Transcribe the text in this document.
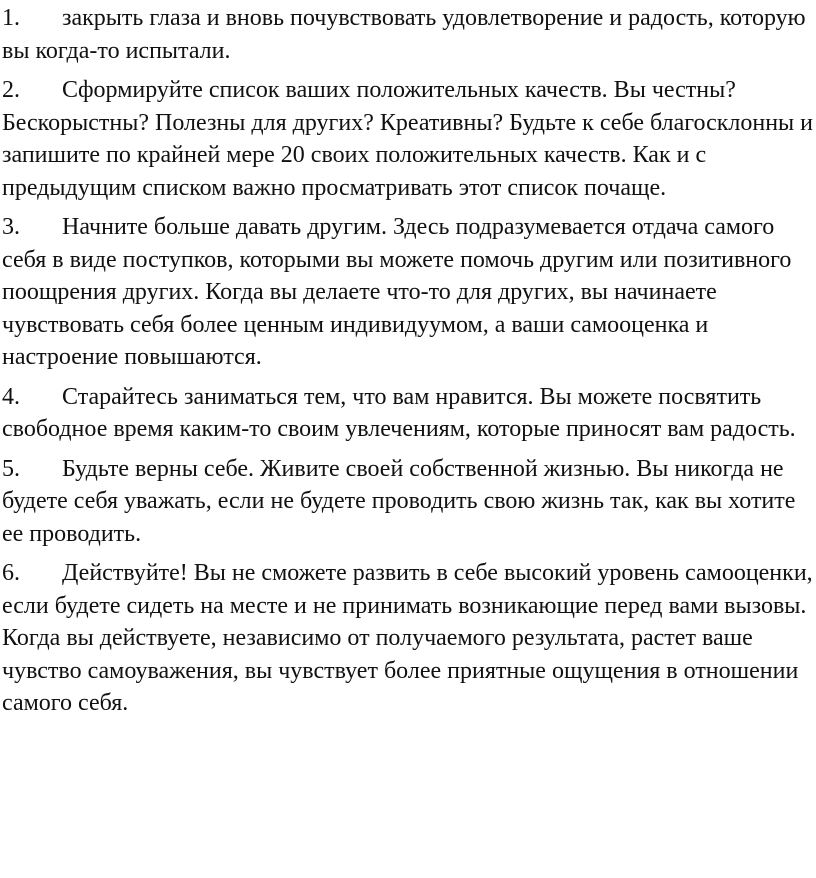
1. закрыть глаза и вновь почувствовать удовлетворение и радость, которую вы когда-то испытали.

2. Сформируйте список ваших положительных качеств. Вы честны? Бескорыстны? Полезны для других? Креативны? Будьте к себе благосклонны и запишите по крайней мере 20 своих положительных качеств. Как и с предыдущим списком важно просматривать этот список почаще.

3. Начните больше давать другим. Здесь подразумевается отдача самого себя в виде поступков, которыми вы можете помочь другим или позитивного поощрения других. Когда вы делаете что-то для других, вы начинаете чувствовать себя более ценным индивидуумом, а ваши самооценка и настроение повышаются.

4. Старайтесь заниматься тем, что вам нравится. Вы можете посвятить свободное время каким-то своим увлечениям, которые приносят вам радость.

5. Будьте верны себе. Живите своей собственной жизнью. Вы никогда не будете себя уважать, если не будете проводить свою жизнь так, как вы хотите ее проводить.

6. Действуйте! Вы не сможете развить в себе высокий уровень самооценки, если будете сидеть на месте и не принимать возникающие перед вами вызовы. Когда вы действуете, независимо от получаемого результата, растет ваше чувство самоуважения, вы чувствует более приятные ощущения в отношении самого себя.
